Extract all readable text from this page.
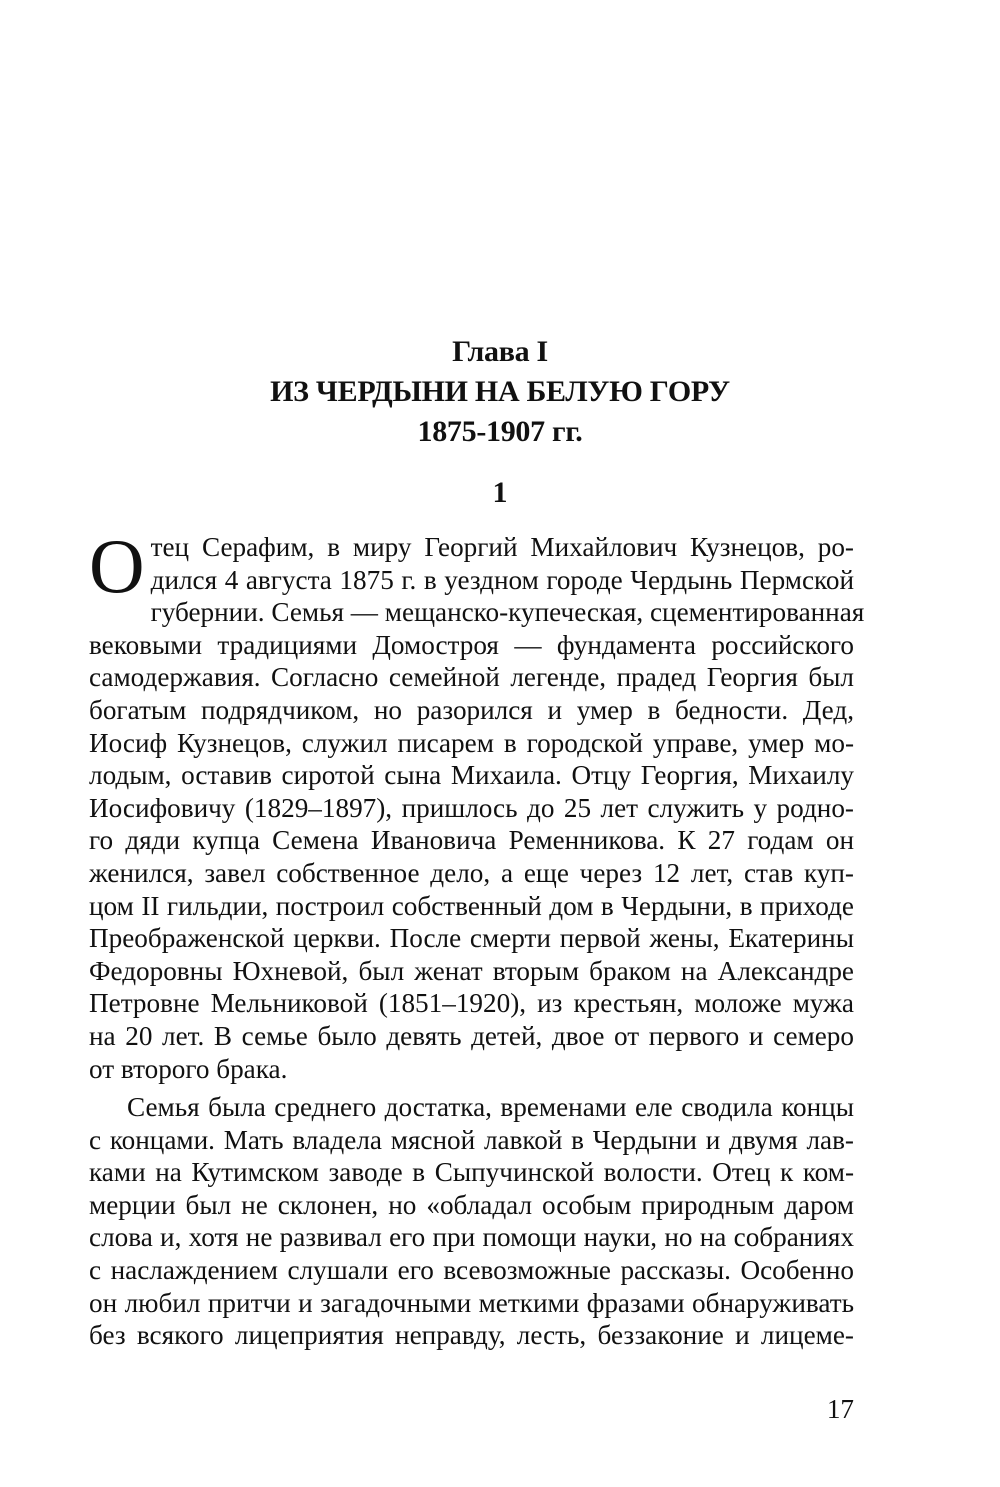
Глава I
ИЗ ЧЕРДЫНИ НА БЕЛУЮ ГОРУ
1875-1907 гг.
1
О тец Серафим, в миру Георгий Михайлович Кузнецов, ро-
дился 4 августа 1875 г. в уездном городе Чердынь Пермской
губернии. Семья — мещанско-купеческая, сцементированная
вековыми традициями Домостроя — фундамента российского
самодержавия. Согласно семейной легенде, прадед Георгия был
богатым подрядчиком, но разорился и умер в бедности. Дед,
Иосиф Кузнецов, служил писарем в городской управе, умер мо-
лодым, оставив сиротой сына Михаила. Отцу Георгия, Михаилу
Иосифовичу (1829–1897), пришлось до 25 лет служить у родно-
го дяди купца Семена Ивановича Ременникова. К 27 годам он
женился, завел собственное дело, а еще через 12 лет, став куп-
цом II гильдии, построил собственный дом в Чердыни, в приходе
Преображенской церкви. После смерти первой жены, Екатерины
Федоровны Юхневой, был женат вторым браком на Александре
Петровне Мельниковой (1851–1920), из крестьян, моложе мужа
на 20 лет. В семье было девять детей, двое от первого и семеро
от второго брака.
Семья была среднего достатка, временами еле сводила концы
с концами. Мать владела мясной лавкой в Чердыни и двумя лав-
ками на Кутимском заводе в Сыпучинской волости. Отец к ком-
мерции был не склонен, но «обладал особым природным даром
слова и, хотя не развивал его при помощи науки, но на собраниях
с наслаждением слушали его всевозможные рассказы. Особенно
он любил притчи и загадочными меткими фразами обнаруживать
без всякого лицеприятия неправду, лесть, беззаконие и лицеме-
17
